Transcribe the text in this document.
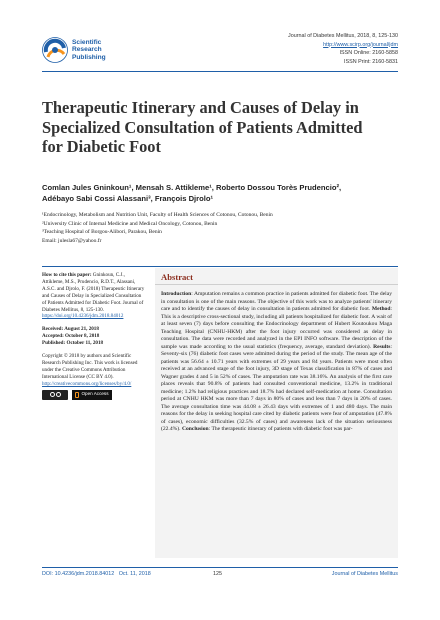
Scientific
Research
Publishing
Journal of Diabetes Mellitus, 2018, 8, 125-130
http://www.scirp.org/journal/jdm
ISSN Online: 2160-5858
ISSN Print: 2160-5831
Therapeutic Itinerary and Causes of Delay in Specialized Consultation of Patients Admitted for Diabetic Foot
Comlan Jules Gninkoun¹, Mensah S. Attikleme¹, Roberto Dossou Torès Prudencio²,
Adébayo Sabi Cossi Alassani³, François Djrolo¹
¹Endocrinology, Metabolism and Nutrition Unit, Faculty of Health Sciences of Cotonou, Cotonou, Benin
²University Clinic of Internal Medicine and Medical Oncology, Cotonou, Benin
³Teaching Hospital of Borgou-Alibori, Parakou, Benin
Email: julesla67@yahoo.fr
How to cite this paper: Gninkoun, C.J., Attikleme, M.S., Prudencio, R.D.T., Alassani, A.S.C. and Djrolo, F. (2018) Therapeutic Itinerary and Causes of Delay in Specialized Consultation of Patients Admitted for Diabetic Foot. Journal of Diabetes Mellitus, 8, 125-130.
https://doi.org/10.4236/jdm.2018.84012
Received: August 21, 2018
Accepted: October 8, 2018
Published: October 11, 2018
Copyright © 2018 by authors and Scientific Research Publishing Inc. This work is licensed under the Creative Commons Attribution International License (CC BY 4.0).
http://creativecommons.org/licenses/by/4.0/
Open Access
Abstract

Introduction: Amputation remains a common practice in patients admitted for diabetic foot. The delay in consultation is one of the main reasons. The objective of this work was to analyze patients' itinerary care and to identify the causes of delay in consultation in patients admitted for diabetic foot. Method: This is a descriptive cross-sectional study, including all patients hospitalized for diabetic foot. A wait of at least seven (7) days before consulting the Endocrinology department of Hubert Koutoukou Maga Teaching Hospital (CNHU-HKM) after the foot injury occurred was considered as delay in consultation. The data were recorded and analyzed in the EPI INFO software. The description of the sample was made according to the usual statistics (frequency, average, standard deviation). Results: Seventy-six (76) diabetic foot cases were admitted during the period of the study. The mean age of the patients was 56.64 ± 10.71 years with extremes of 29 years and 84 years. Patients were most often received at an advanced stage of the foot injury, 3D stage of Texas classification in 87% of cases and Wagner grades 4 and 5 in 52% of cases. The amputation rate was 38.16%. An analysis of the first care places reveals that 90.8% of patients had consulted conventional medicine, 13.2% in traditional medicine; 1.2% had religious practices and 18.7% had declared self-medication at home. Consultation period at CNHU HKM was more than 7 days in 80% of cases and less than 7 days in 20% of cases. The average consultation time was 44.08 ± 26.43 days with extremes of 1 and 480 days. The main reasons for the delay in seeking hospital care cited by diabetic patients were fear of amputation (47.8% of cases), economic difficulties (32.5% of cases) and awareness lack of the situation seriousness (22.4%). Conclusion: The therapeutic itinerary of patients with diabetic foot was par-

DOI: 10.4236/jdm.2018.84012 Oct. 11, 2018	125	Journal of Diabetes Mellitus
